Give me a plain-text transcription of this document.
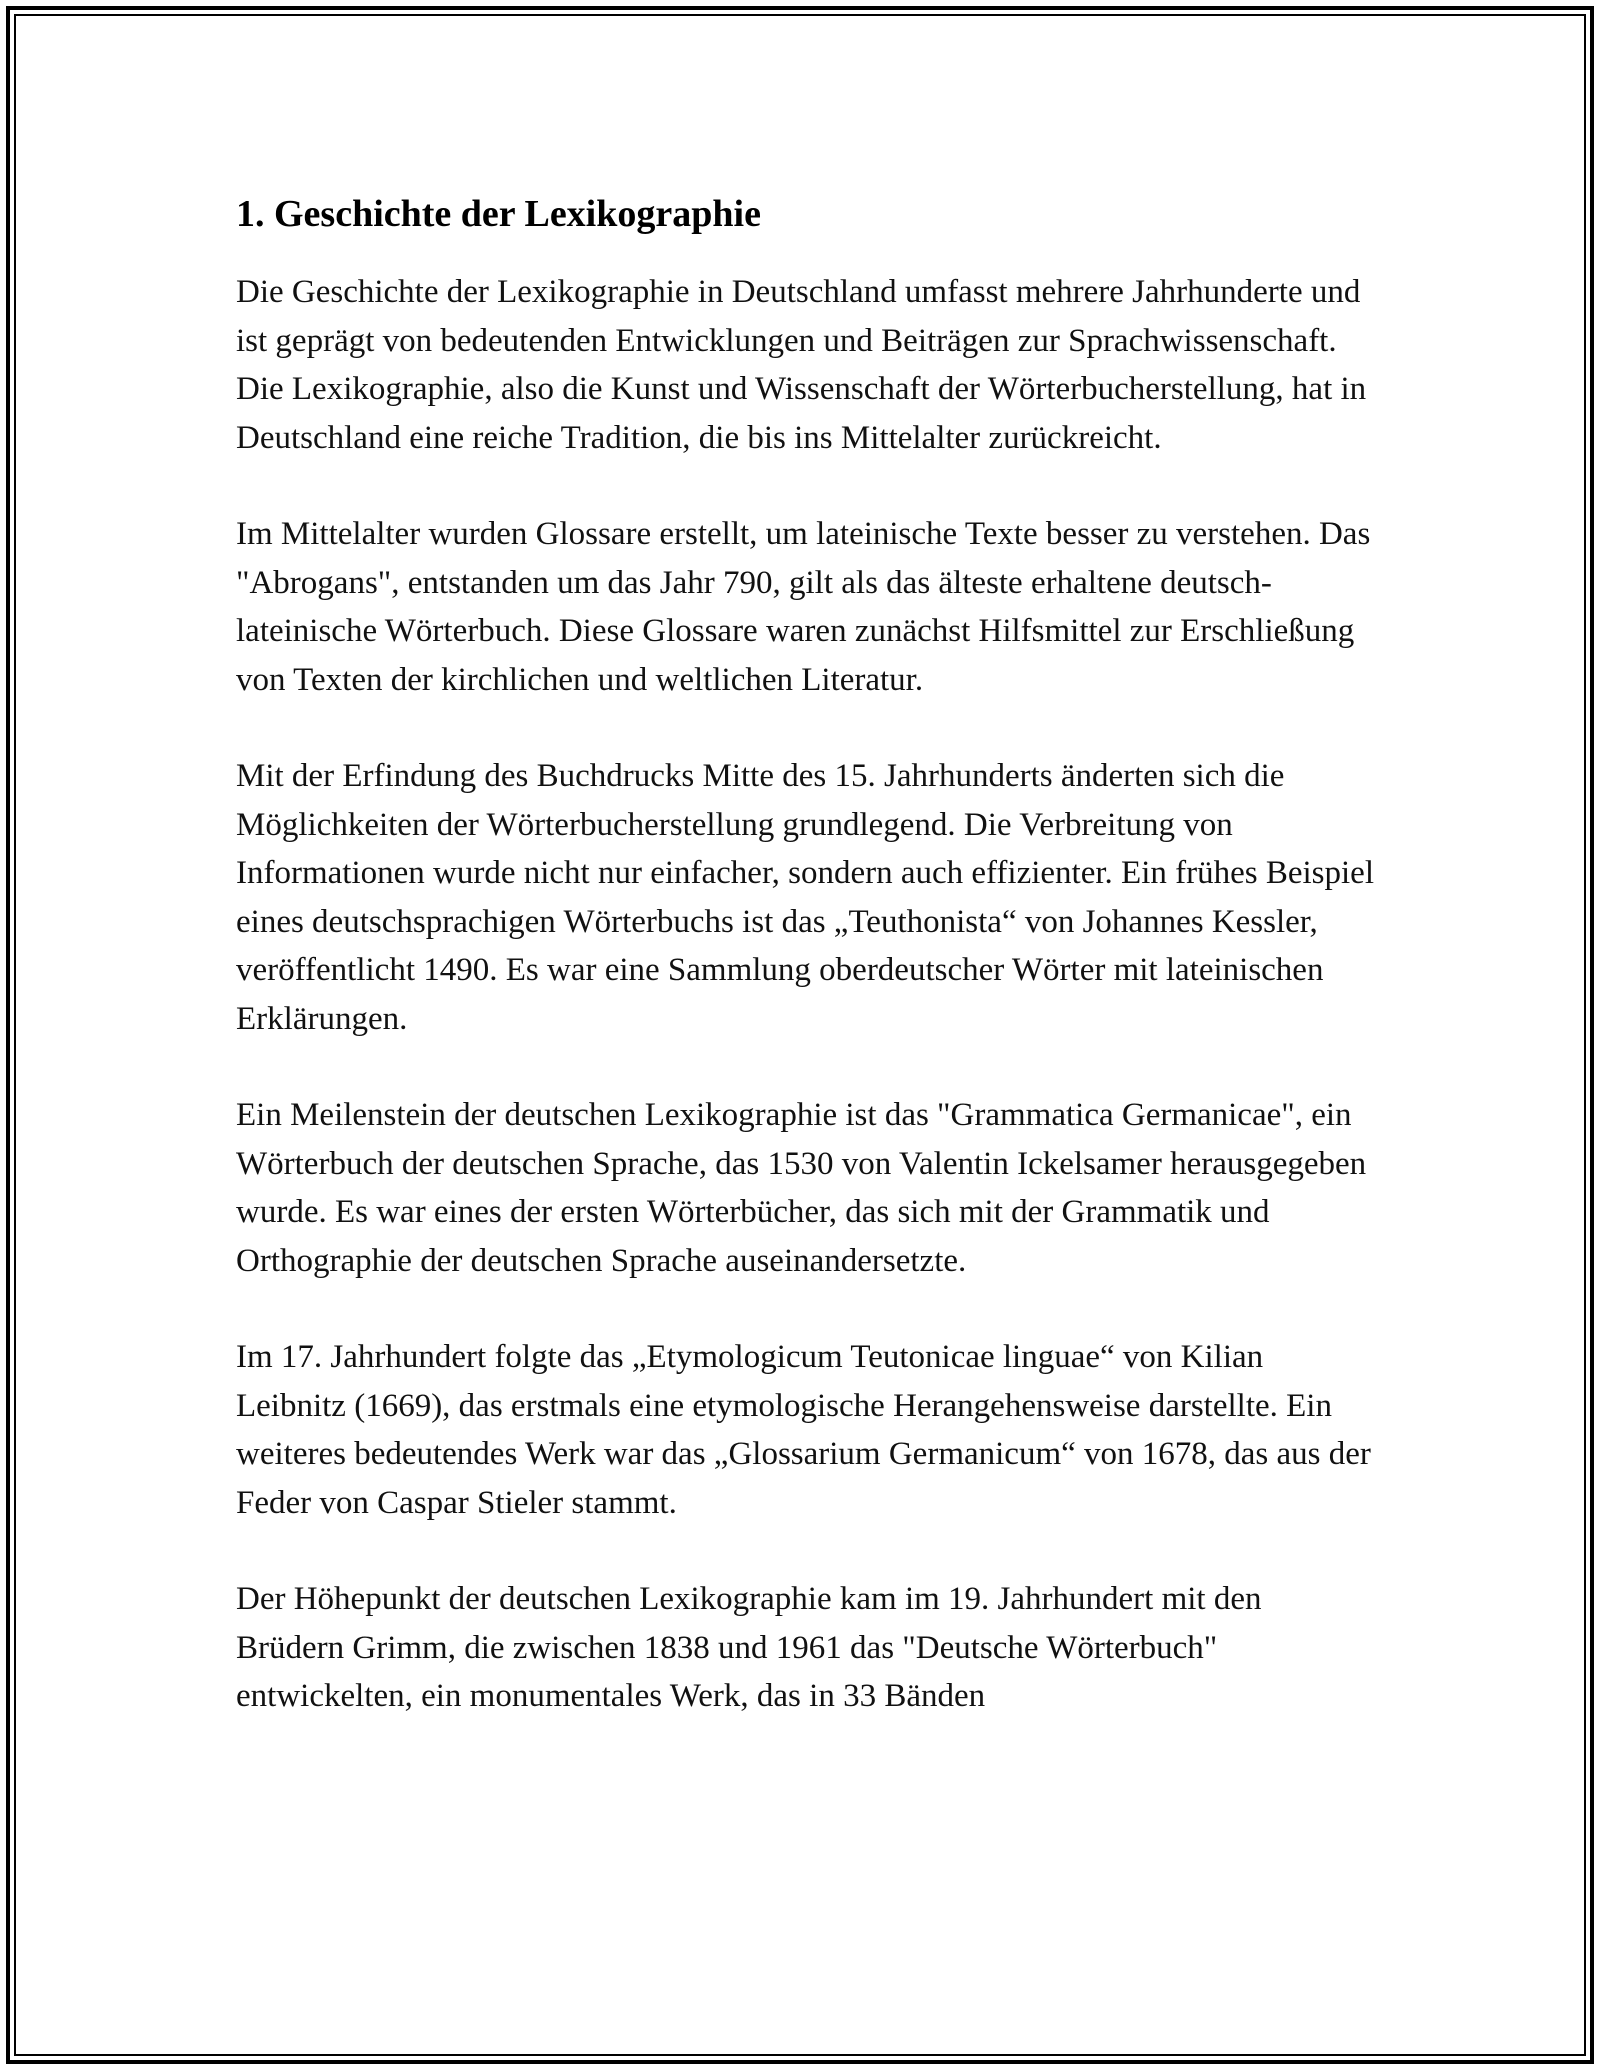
1. Geschichte der Lexikographie

Die Geschichte der Lexikographie in Deutschland umfasst mehrere Jahrhunderte und ist geprägt von bedeutenden Entwicklungen und Beiträgen zur Sprachwissenschaft. Die Lexikographie, also die Kunst und Wissenschaft der Wörterbucherstellung, hat in Deutschland eine reiche Tradition, die bis ins Mittelalter zurückreicht.

Im Mittelalter wurden Glossare erstellt, um lateinische Texte besser zu verstehen. Das "Abrogans", entstanden um das Jahr 790, gilt als das älteste erhaltene deutsch-lateinische Wörterbuch. Diese Glossare waren zunächst Hilfsmittel zur Erschließung von Texten der kirchlichen und weltlichen Literatur.

Mit der Erfindung des Buchdrucks Mitte des 15. Jahrhunderts änderten sich die Möglichkeiten der Wörterbucherstellung grundlegend. Die Verbreitung von Informationen wurde nicht nur einfacher, sondern auch effizienter. Ein frühes Beispiel eines deutschsprachigen Wörterbuchs ist das „Teuthonista“ von Johannes Kessler, veröffentlicht 1490. Es war eine Sammlung oberdeutscher Wörter mit lateinischen Erklärungen.

Ein Meilenstein der deutschen Lexikographie ist das "Grammatica Germanicae", ein Wörterbuch der deutschen Sprache, das 1530 von Valentin Ickelsamer herausgegeben wurde. Es war eines der ersten Wörterbücher, das sich mit der Grammatik und Orthographie der deutschen Sprache auseinandersetzte.

Im 17. Jahrhundert folgte das „Etymologicum Teutonicae linguae“ von Kilian Leibnitz (1669), das erstmals eine etymologische Herangehensweise darstellte. Ein weiteres bedeutendes Werk war das „Glossarium Germanicum“ von 1678, das aus der Feder von Caspar Stieler stammt.

Der Höhepunkt der deutschen Lexikographie kam im 19. Jahrhundert mit den Brüdern Grimm, die zwischen 1838 und 1961 das "Deutsche Wörterbuch" entwickelten, ein monumentales Werk, das in 33 Bänden
